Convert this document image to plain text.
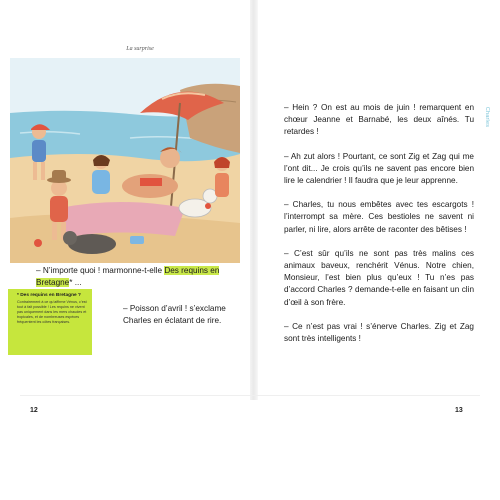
La surprise

– N’importe quoi ! marmonne-t-elle Des requins en Bretagne* ...

* Des requins en Bretagne ?

Contrairement à ce qu’affirme Vénus, c’est tout à fait possible ! Les requins ne vivent pas uniquement dans les mers chaudes et tropicales, et de nombreuses espèces fréquentent les côtes françaises.

– Poisson d’avril ! s’exclame Charles en éclatant de rire.

12

– Hein ? On est au mois de juin ! remarquent en chœur Jeanne et Barnabé, les deux aînés. Tu retardes !

– Ah zut alors ! Pourtant, ce sont Zig et Zag qui me l’ont dit... Je crois qu’ils ne savent pas encore bien lire le calendrier ! Il faudra que je leur apprenne.

– Charles, tu nous embêtes avec tes escargots ! l’interrompt sa mère. Ces bestioles ne savent ni parler, ni lire, alors arrête de raconter des bêtises !

– C’est sûr qu’ils ne sont pas très malins ces animaux baveux, renchérit Vénus. Notre chien, Monsieur, l’est bien plus qu’eux ! Tu n’es pas d’accord Charles ? demande-t-elle en faisant un clin d’œil à son frère.

– Ce n’est pas vrai ! s’énerve Charles. Zig et Zag sont très intelligents !

Charles
13
